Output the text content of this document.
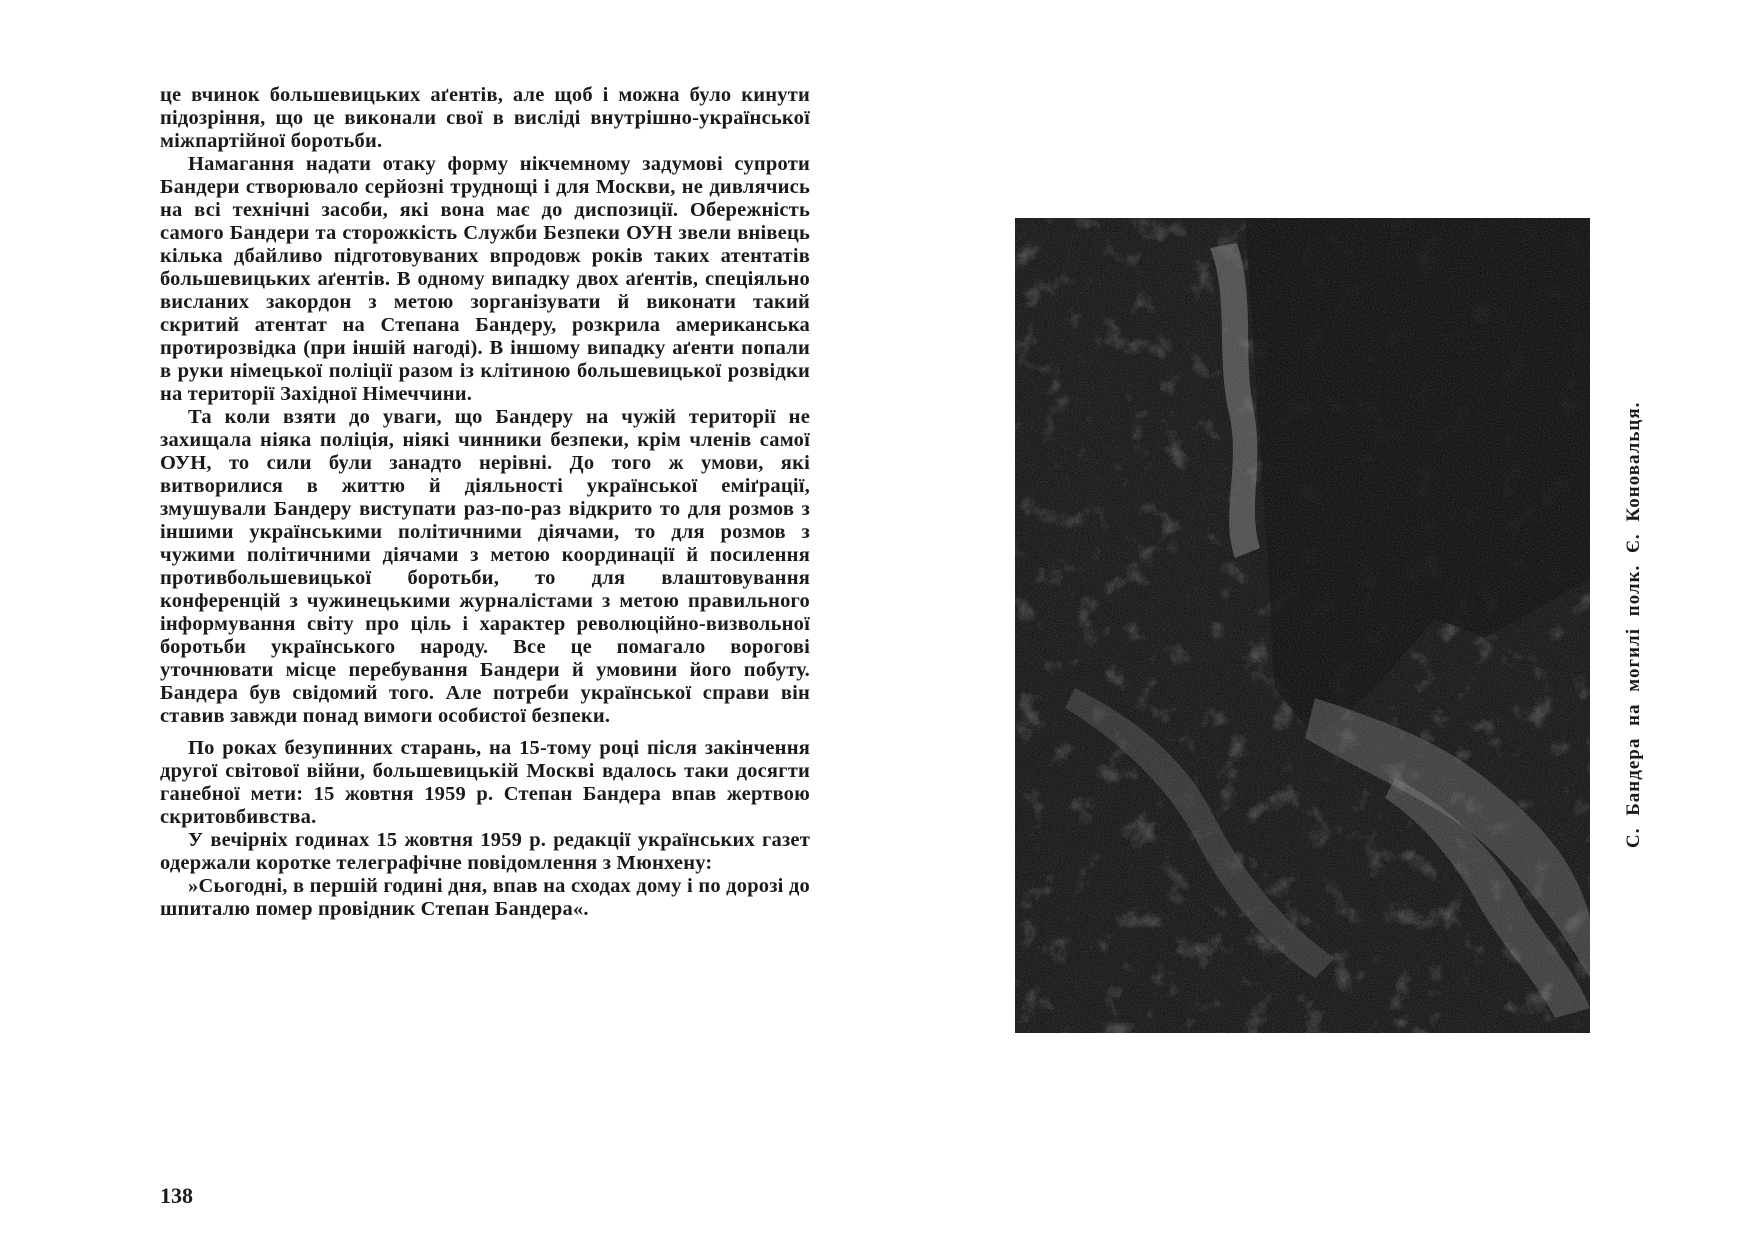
це вчинок большевицьких аґентів, але щоб і можна було кинути підозріння, що це виконали свої в висліді внутрішно-української міжпартійної боротьби.

Намагання надати отаку форму нікчемному задумові супроти Бандери створювало серйозні труднощі і для Москви, не дивлячись на всі технічні засоби, які вона має до диспозиції. Обережність самого Бандери та сторожкість Служби Безпеки ОУН звели внівець кілька дбайливо підготовуваних впродовж років таких атентатів большевицьких аґентів. В одному випадку двох аґентів, спеціяльно висланих закордон з метою зорганізувати й виконати такий скритий атентат на Степана Бандеру, розкрила американська протирозвідка (при іншій нагоді). В іншому випадку аґенти попали в руки німецької поліції разом із клітиною большевицької розвідки на території Західної Німеччини.

Та коли взяти до уваги, що Бандеру на чужій території не захищала ніяка поліція, ніякі чинники безпеки, крім членів самої ОУН, то сили були занадто нерівні. До того ж умови, які витворилися в життю й діяльності української еміґрації, змушували Бандеру виступати раз-по-раз відкрито то для розмов з іншими українськими політичними діячами, то для розмов з чужими політичними діячами з метою координації й посилення противбольшевицької боротьби, то для влаштовування конференцій з чужинецькими журналістами з метою правильного інформування світу про ціль і характер революційно-визвольної боротьби українського народу. Все це помагало ворогові уточнювати місце перебування Бандери й умовини його побуту. Бандера був свідомий того. Але потреби української справи він ставив завжди понад вимоги особистої безпеки.

По роках безупинних старань, на 15-тому році після закінчення другої світової війни, большевицькій Москві вдалось таки досягти ганебної мети: 15 жовтня 1959 р. Степан Бандера впав жертвою скритовбивства.

У вечірніх годинах 15 жовтня 1959 р. редакції українських газет одержали коротке телеграфічне повідомлення з Мюнхену:

»Сьогодні, в першій годині дня, впав на сходах дому і по дорозі до шпиталю помер провідник Степан Бандера«.

138
С. Бандера на могилі полк. Є. Коновальця.
